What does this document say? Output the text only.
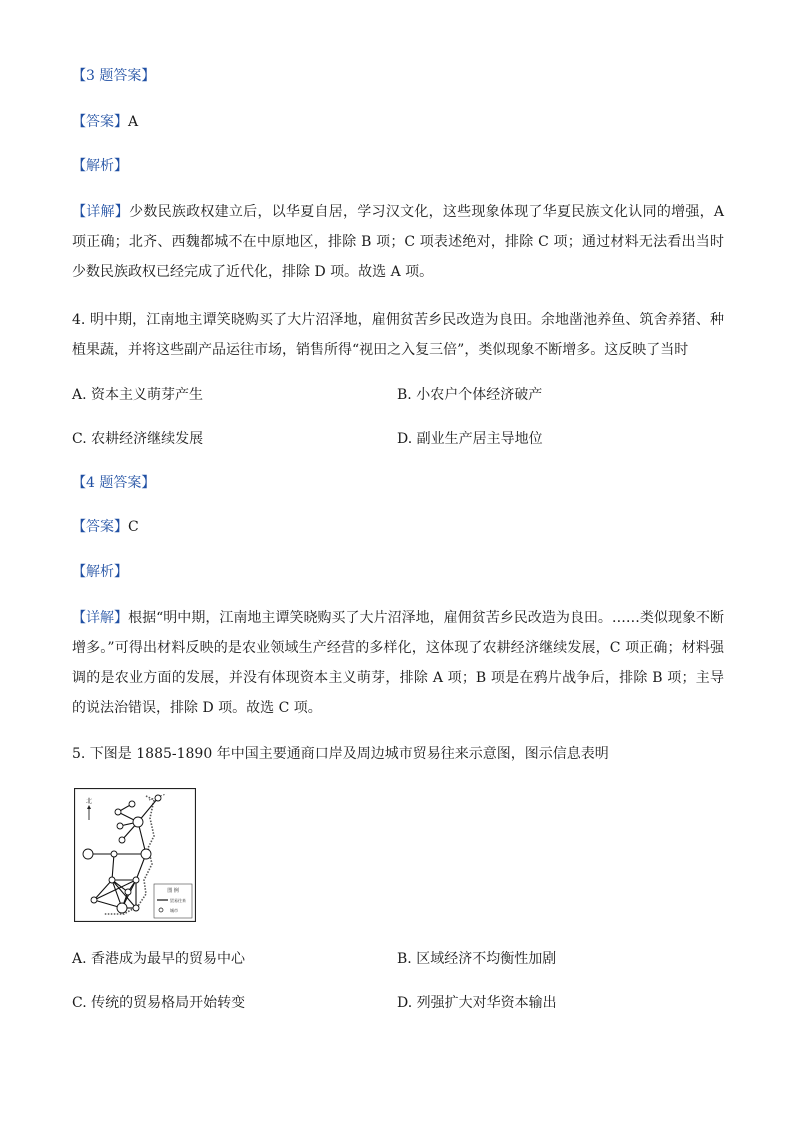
【3 题答案】
【答案】A
【解析】
【详解】少数民族政权建立后，以华夏自居，学习汉文化，这些现象体现了华夏民族文化认同的增强，A 项正确；北齐、西魏都城不在中原地区，排除 B 项；C 项表述绝对，排除 C 项；通过材料无法看出当时少数民族政权已经完成了近代化，排除 D 项。故选 A 项。
4. 明中期，江南地主谭笑晓购买了大片沼泽地，雇佣贫苦乡民改造为良田。余地凿池养鱼、筑舍养猪、种植果蔬，并将这些副产品运往市场，销售所得“视田之入复三倍”，类似现象不断增多。这反映了当时
A. 资本主义萌芽产生	B. 小农户个体经济破产
C. 农耕经济继续发展	D. 副业生产居主导地位
【4 题答案】
【答案】C
【解析】
【详解】根据“明中期，江南地主谭笑晓购买了大片沼泽地，雇佣贫苦乡民改造为良田。……类似现象不断增多。”可得出材料反映的是农业领域生产经营的多样化，这体现了农耕经济继续发展，C 项正确；材料强调的是农业方面的发展，并没有体现资本主义萌芽，排除 A 项；B 项是在鸦片战争后，排除 B 项；主导的说法治错误，排除 D 项。故选 C 项。
5. 下图是 1885-1890 年中国主要通商口岸及周边城市贸易往来示意图，图示信息表明
北
图 例
贸易往来
城市
A. 香港成为最早的贸易中心	B. 区域经济不均衡性加剧
C. 传统的贸易格局开始转变	D. 列强扩大对华资本输出
